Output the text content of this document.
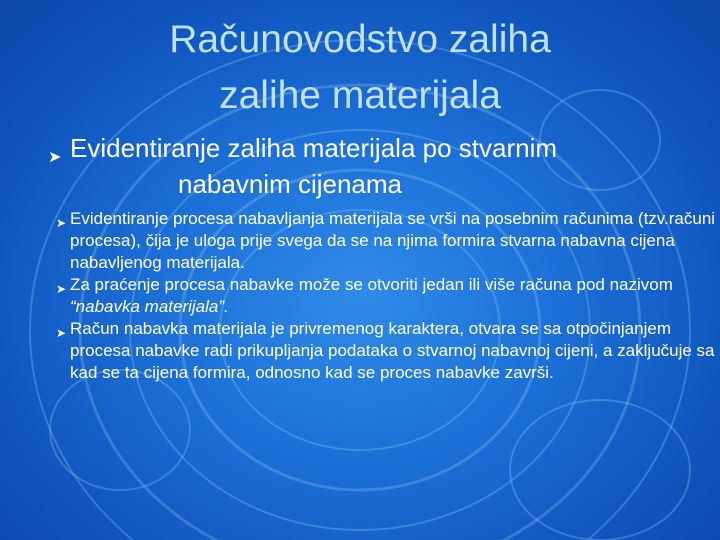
Računovodstvo zaliha
zalihe materijala
➤ Evidentiranje zaliha materijala po stvarnim
nabavnim cijenama
➤ Evidentiranje procesa nabavljanja materijala se vrši na posebnim računima (tzv.računi procesa), čija je uloga prije svega da se na njima formira stvarna nabavna cijena nabavljenog materijala.
➤ Za praćenje procesa nabavke može se otvoriti jedan ili više računa pod nazivom “nabavka materijala”.
➤ Račun nabavka materijala je privremenog karaktera, otvara se sa otpočinjanjem procesa nabavke radi prikupljanja podataka o stvarnoj nabavnoj cijeni, a zaključuje sa kad se ta cijena formira, odnosno kad se proces nabavke završi.
